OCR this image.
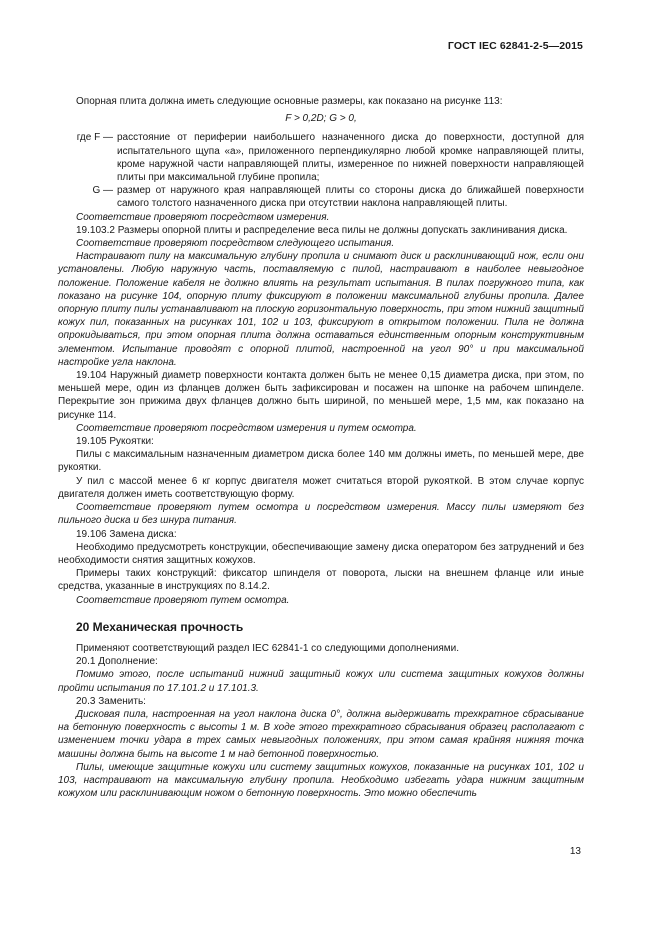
ГОСТ IEC 62841-2-5—2015

Опорная плита должна иметь следующие основные размеры, как показано на рисунке 113:

F > 0,2D; G > 0,

где F — расстояние от периферии наибольшего назначенного диска до поверхности, доступной для испытательного щупа «a», приложенного перпендикулярно любой кромке направляющей плиты, кроме наружной части направляющей плиты, измеренное по нижней поверхности направляющей плиты при максимальной глубине пропила;

G — размер от наружного края направляющей плиты со стороны диска до ближайшей поверхности самого толстого назначенного диска при отсутствии наклона направляющей плиты.

Соответствие проверяют посредством измерения.

19.103.2 Размеры опорной плиты и распределение веса пилы не должны допускать заклинивания диска.

Соответствие проверяют посредством следующего испытания.

Настраивают пилу на максимальную глубину пропила и снимают диск и расклинивающий нож, если они установлены. Любую наружную часть, поставляемую с пилой, настраивают в наиболее невыгодное положение. Положение кабеля не должно влиять на результат испытания. В пилах погружного типа, как показано на рисунке 104, опорную плиту фиксируют в положении максимальной глубины пропила. Далее опорную плиту пилы устанавливают на плоскую горизонтальную поверхность, при этом нижний защитный кожух пил, показанных на рисунках 101, 102 и 103, фиксируют в открытом положении. Пила не должна опрокидываться, при этом опорная плита должна оставаться единственным опорным конструктивным элементом. Испытание проводят с опорной плитой, настроенной на угол 90° и при максимальной настройке угла наклона.

19.104 Наружный диаметр поверхности контакта должен быть не менее 0,15 диаметра диска, при этом, по меньшей мере, один из фланцев должен быть зафиксирован и посажен на шпонке на рабочем шпинделе. Перекрытие зон прижима двух фланцев должно быть шириной, по меньшей мере, 1,5 мм, как показано на рисунке 114.

Соответствие проверяют посредством измерения и путем осмотра.

19.105 Рукоятки:

Пилы с максимальным назначенным диаметром диска более 140 мм должны иметь, по меньшей мере, две рукоятки.

У пил с массой менее 6 кг корпус двигателя может считаться второй рукояткой. В этом случае корпус двигателя должен иметь соответствующую форму.

Соответствие проверяют путем осмотра и посредством измерения. Массу пилы измеряют без пильного диска и без шнура питания.

19.106 Замена диска:

Необходимо предусмотреть конструкции, обеспечивающие замену диска оператором без затруднений и без необходимости снятия защитных кожухов.

Примеры таких конструкций: фиксатор шпинделя от поворота, лыски на внешнем фланце или иные средства, указанные в инструкциях по 8.14.2.

Соответствие проверяют путем осмотра.

20 Механическая прочность

Применяют соответствующий раздел IEC 62841-1 со следующими дополнениями.

20.1 Дополнение:

Помимо этого, после испытаний нижний защитный кожух или система защитных кожухов должны пройти испытания по 17.101.2 и 17.101.3.

20.3 Заменить:

Дисковая пила, настроенная на угол наклона диска 0°, должна выдерживать трехкратное сбрасывание на бетонную поверхность с высоты 1 м. В ходе этого трехкратного сбрасывания образец располагают с изменением точки удара в трех самых невыгодных положениях, при этом самая крайняя нижняя точка машины должна быть на высоте 1 м над бетонной поверхностью.

Пилы, имеющие защитные кожухи или систему защитных кожухов, показанные на рисунках 101, 102 и 103, настраивают на максимальную глубину пропила. Необходимо избегать удара нижним защитным кожухом или расклинивающим ножом о бетонную поверхность. Это можно обеспечить

13
